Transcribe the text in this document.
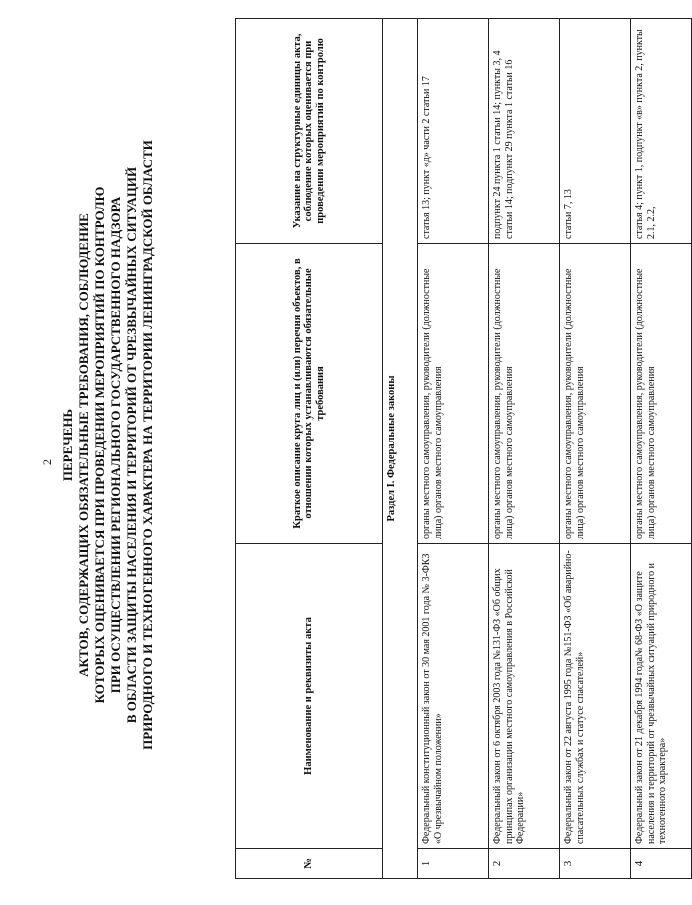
2 ПЕРЕЧЕНЬ АКТОВ, СОДЕРЖАЩИХ ОБЯЗАТЕЛЬНЫЕ ТРЕБОВАНИЯ, СОБЛЮДЕНИЕ КОТОРЫХ ОЦЕНИВАЕТСЯ ПРИ ПРОВЕДЕНИИ МЕРОПРИЯТИЙ ПО КОНТРОЛЮ ПРИ ОСУЩЕСТВЛЕНИИ РЕГИОНАЛЬНОГО ГОСУДАРСТВЕННОГО НАДЗОРА В ОБЛАСТИ ЗАЩИТЫ НАСЕЛЕНИЯ И ТЕРРИТОРИЙ ОТ ЧРЕЗВЫЧАЙНЫХ СИТУАЦИЙ ПРИРОДНОГО И ТЕХНОГЕННОГО ХАРАКТЕРА НА ТЕРРИТОРИИ ЛЕНИНГРАДСКОЙ ОБЛАСТИ
№	Наименование и реквизиты акта	Краткое описание круга лиц и (или) перечня объектов, в отношении которых устанавливаются обязательные требования	Указание на структурные единицы акта, соблюдение которых оценивается при проведении мероприятий по контролю
Раздел I. Федеральные законы			
1	Федеральный конституционный закон от 30 мая 2001 года № 3-ФКЗ «О чрезвычайном положении»	органы местного самоуправления, руководители (должностные лица) органов местного самоуправления	статья 13; пункт «д» части 2 статьи 17
2	Федеральный закон от 6 октября 2003 года №131-ФЗ «Об общих принципах организации местного самоуправления в Российской Федерации»	органы местного самоуправления, руководители (должностные лица) органов местного самоуправления	подпункт 24 пункта 1 статьи 14; пункты 3, 4 статьи 14; подпункт 29 пункта 1 статьи 16
3	Федеральный закон от 22 августа 1995 года №151-ФЗ «Об аварийно-спасательных службах и статусе спасателей»	органы местного самоуправления, руководители (должностные лица) органов местного самоуправления	статьи 7, 13
4	Федеральный закон от 21 декабря 1994 года№ 68-ФЗ «О защите населения и территорий от чрезвычайных ситуаций природного и техногенного характера»	органы местного самоуправления, руководители (должностные лица) органов местного самоуправления	статья 4; пункт 1, подпункт «в» пункта 2, пункты 2.1, 2.2,
